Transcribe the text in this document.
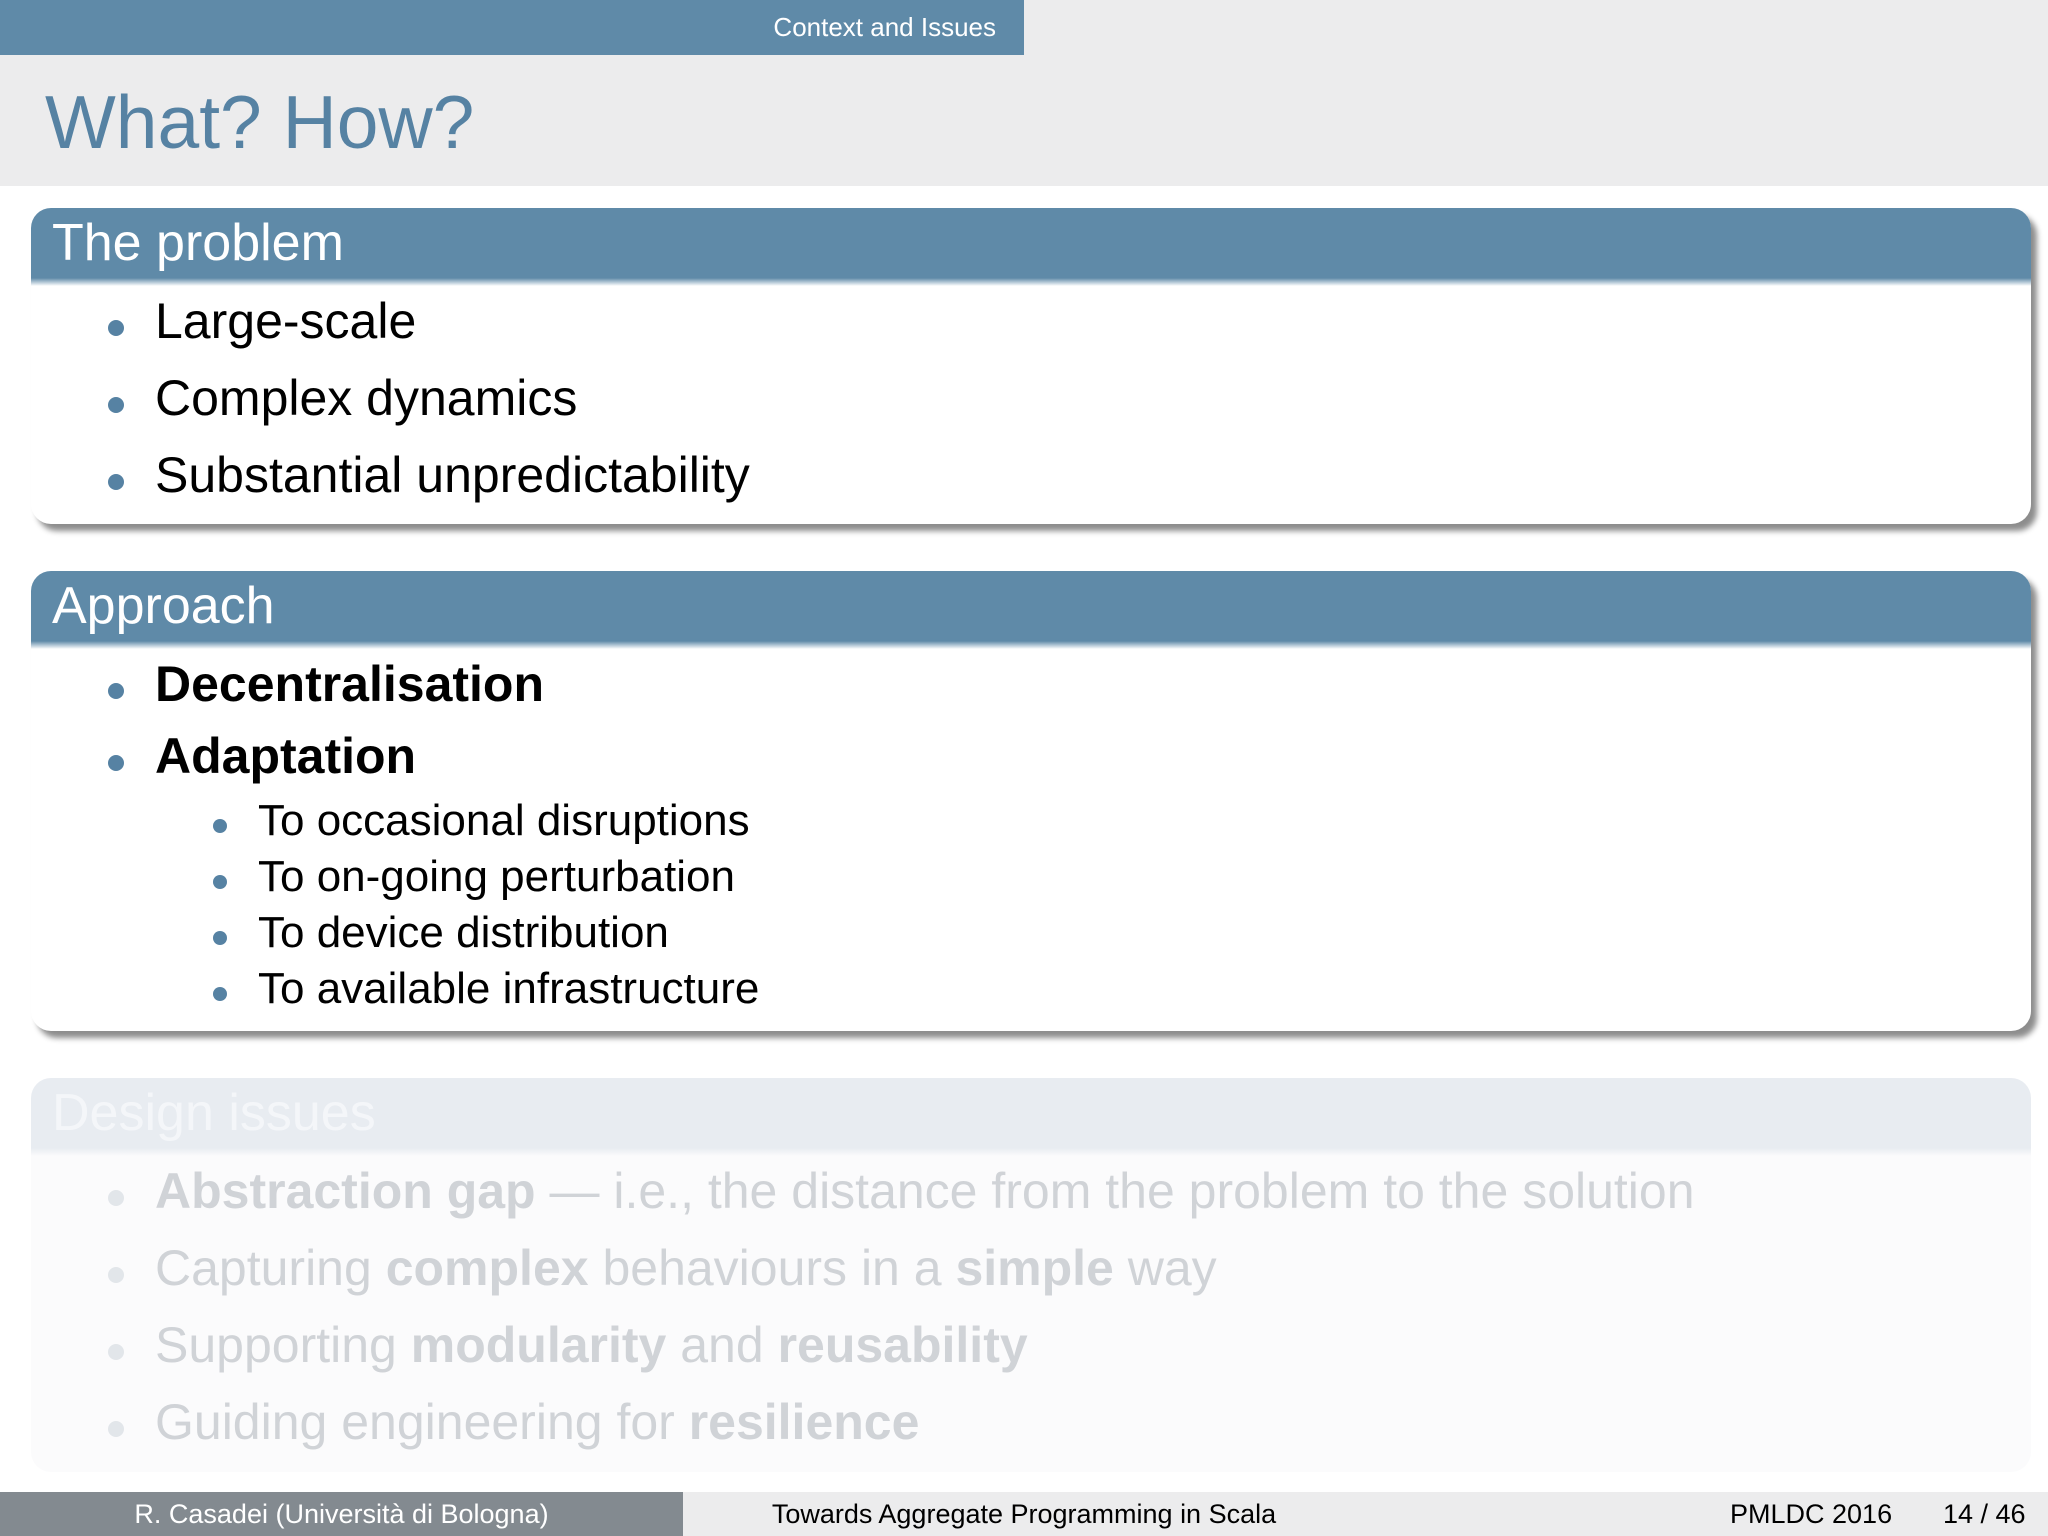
Context and Issues
What? How?
The problem
Large-scale
Complex dynamics
Substantial unpredictability
Approach
Decentralisation
Adaptation
To occasional disruptions
To on-going perturbation
To device distribution
To available infrastructure
Design issues
Abstraction gap — i.e., the distance from the problem to the solution
Capturing complex behaviours in a simple way
Supporting modularity and reusability
Guiding engineering for resilience
R. Casadei (Università di Bologna)	Towards Aggregate Programming in Scala	PMLDC 2016 14 / 46
